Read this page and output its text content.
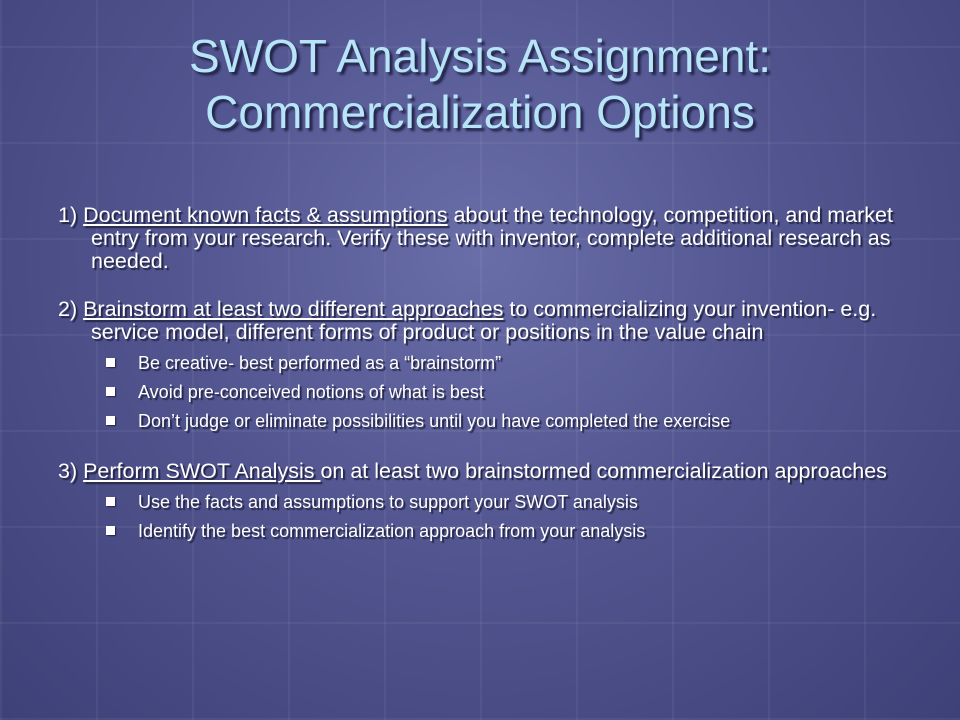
SWOT Analysis Assignment:
Commercialization Options
1) Document known facts & assumptions about the technology, competition, and market entry from your research. Verify these with inventor, complete additional research as needed.
2) Brainstorm at least two different approaches to commercializing your invention- e.g. service model, different forms of product or positions in the value chain
Be creative- best performed as a “brainstorm”
Avoid pre-conceived notions of what is best
Don’t judge or eliminate possibilities until you have completed the exercise
3) Perform SWOT Analysis on at least two brainstormed commercialization approaches
Use the facts and assumptions to support your SWOT analysis
Identify the best commercialization approach from your analysis
